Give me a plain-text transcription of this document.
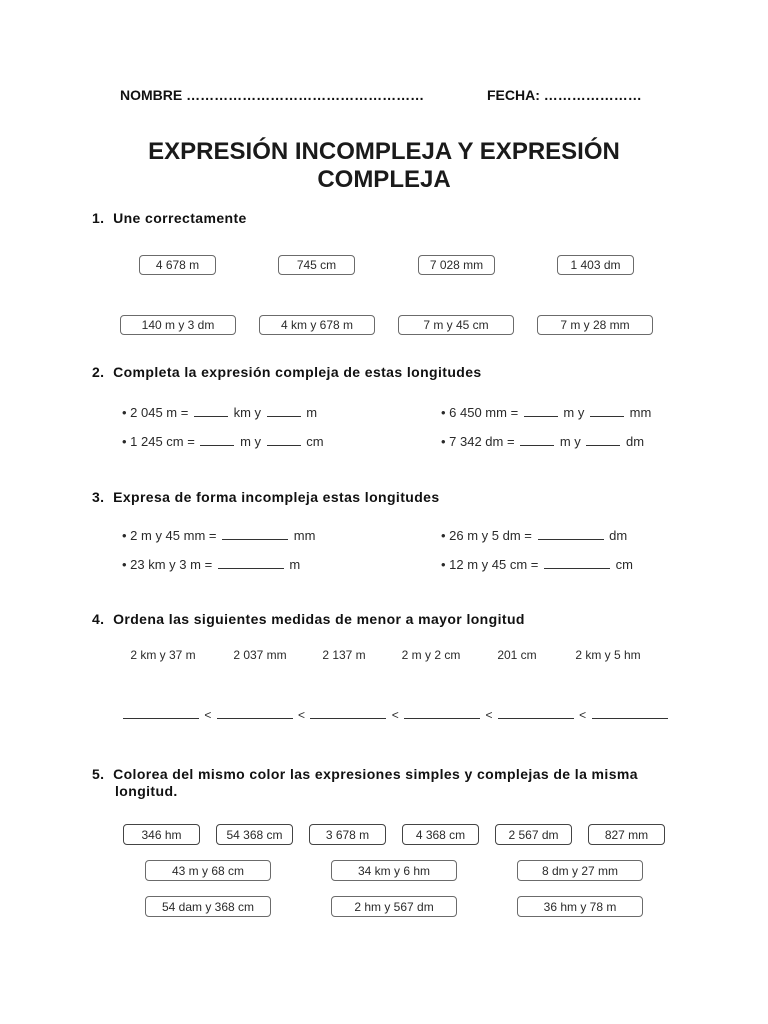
NOMBRE ……………………………………………	FECHA: …………………
EXPRESIÓN INCOMPLEJA Y EXPRESIÓN
COMPLEJA
1. Une correctamente
4 678 m	745 cm	7 028 mm	1 403 dm
140 m y 3 dm	4 km y 678 m	7 m y 45 cm	7 m y 28 mm
2. Completa la expresión compleja de estas longitudes
• 2 045 m =	km y	m	• 6 450 mm =	m y	mm
• 1 245 cm =	m y	cm	• 7 342 dm =	m y	dm
3. Expresa de forma incompleja estas longitudes
• 2 m y 45 mm =	mm	• 26 m y 5 dm =	dm
• 23 km y 3 m =	m	• 12 m y 45 cm =	cm
4. Ordena las siguientes medidas de menor a mayor longitud
2 km y 37 m	2 037 mm	2 137 m	2 m y 2 cm	201 cm	2 km y 5 hm
<	<	<	<	<
5. Colorea del mismo color las expresiones simples y complejas de la misma
longitud.
346 hm	54 368 cm	3 678 m	4 368 cm	2 567 dm	827 mm
43 m y 68 cm	34 km y 6 hm	8 dm y 27 mm
54 dam y 368 cm	2 hm y 567 dm	36 hm y 78 m
